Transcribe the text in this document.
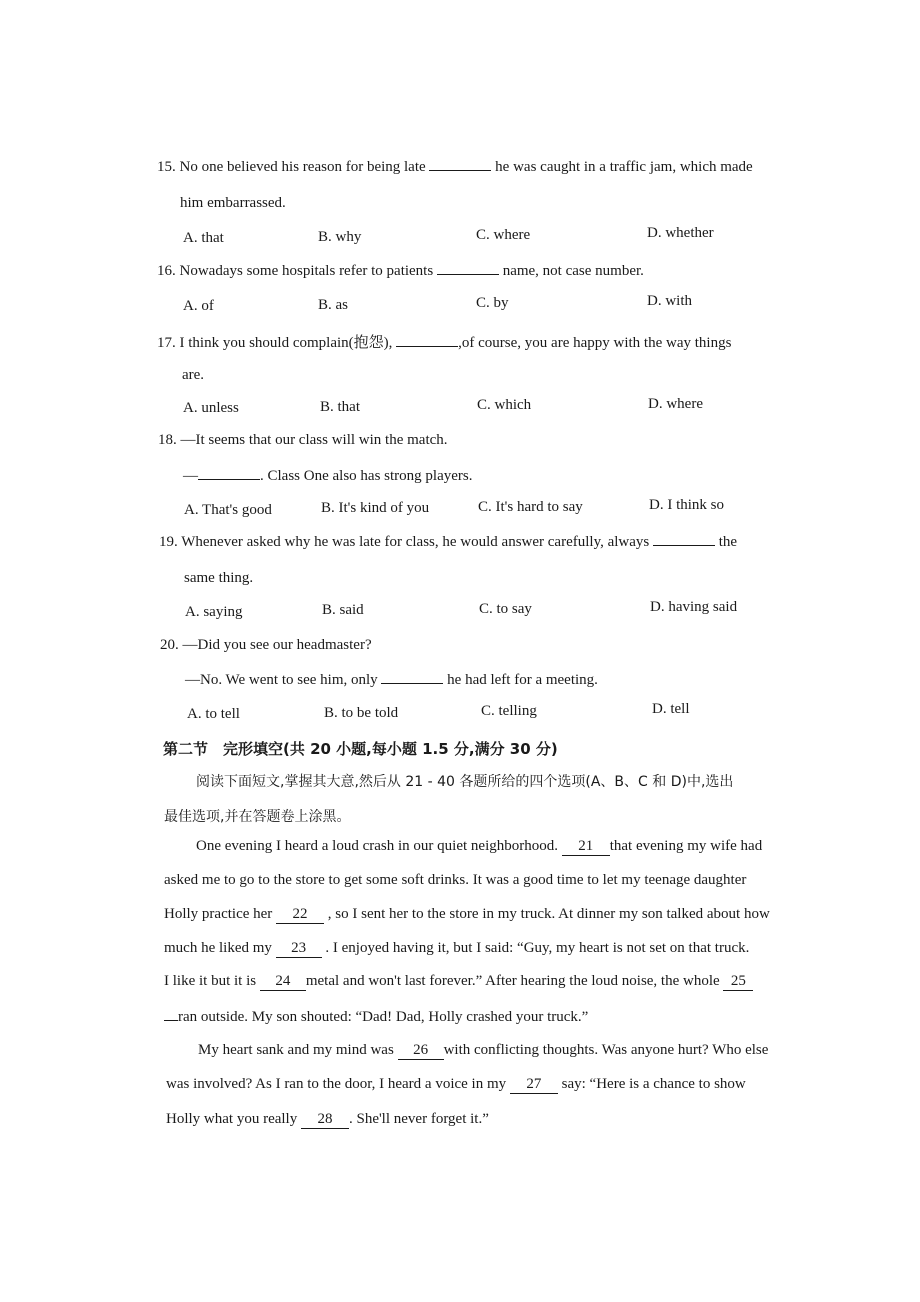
15. No one believed his reason for being late	he was caught in a traffic jam, which made
him embarrassed.
A. that	B. why	C. where	D. whether
16. Nowadays some hospitals refer to patients	name, not case number.
A. of	B. as	C. by	D. with
17. I think you should complain(抱怨),	,of course, you are happy with the way things
are.
A. unless	B. that	C. which	D. where
18. —It seems that our class will win the match.
—	. Class One also has strong players.
A. That's good	B. It's kind of you	C. It's hard to say	D. I think so
19. Whenever asked why he was late for class, he would answer carefully, always	the
same thing.
A. saying	B. said	C. to say	D. having said
20. —Did you see our headmaster?
—No. We went to see him, only	he had left for a meeting.
A. to tell	B. to be told	C. telling	D. tell
第二节　完形填空(共 20 小题,每小题 1.5 分,满分 30 分)
阅读下面短文,掌握其大意,然后从 21 - 40 各题所给的四个选项(A、B、C 和 D)中,选出
最佳选项,并在答题卷上涂黑。
One evening I heard a loud crash in our quiet neighborhood. 21 that evening my wife had
asked me to go to the store to get some soft drinks. It was a good time to let my teenage daughter
Holly practice her 22 , so I sent her to the store in my truck. At dinner my son talked about how
much he liked my 23 . I enjoyed having it, but I said: “Guy, my heart is not set on that truck.
I like it but it is 24 metal and won't last forever.” After hearing the loud noise, the whole 25
ran outside. My son shouted: “Dad! Dad, Holly crashed your truck.”
My heart sank and my mind was 26 with conflicting thoughts. Was anyone hurt? Who else
was involved? As I ran to the door, I heard a voice in my 27 say: “Here is a chance to show
Holly what you really 28 . She'll never forget it.”
